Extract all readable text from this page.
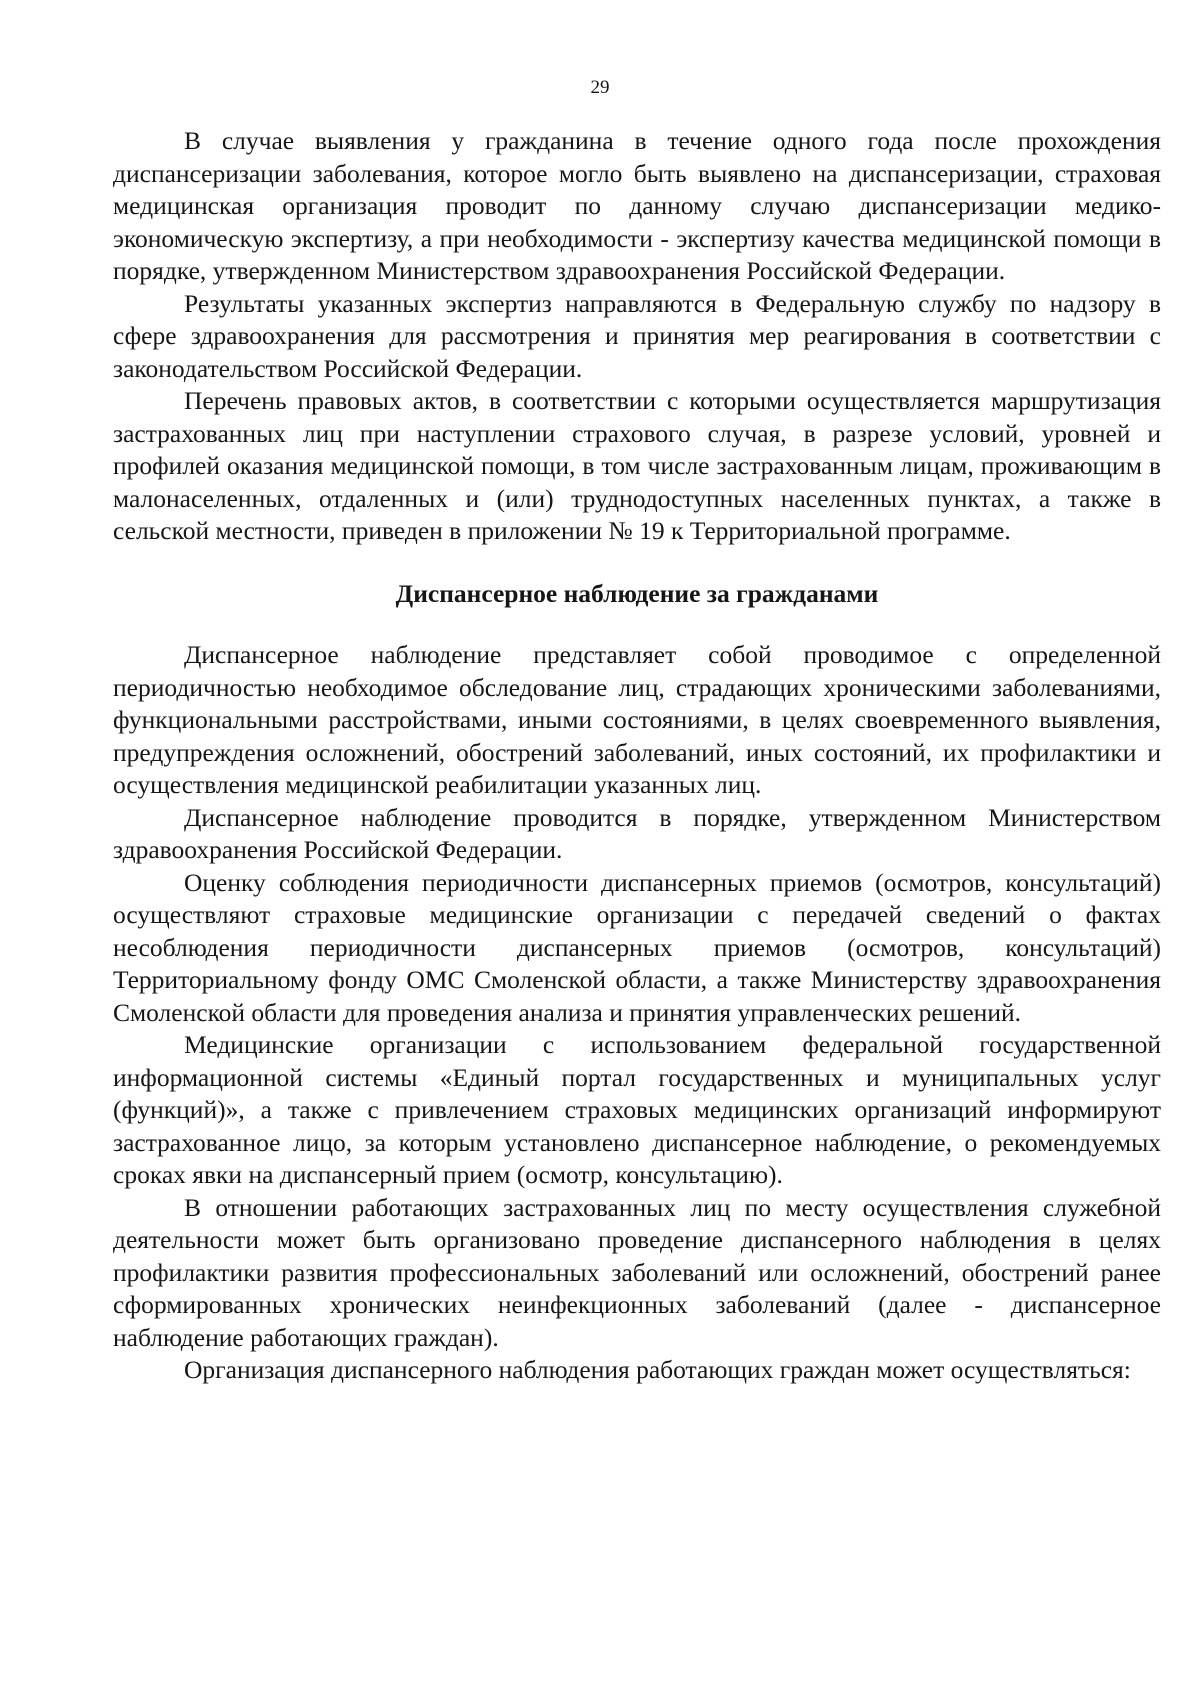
29

В случае выявления у гражданина в течение одного года после прохождения диспансеризации заболевания, которое могло быть выявлено на диспансеризации, страховая медицинская организация проводит по данному случаю диспансеризации медико-экономическую экспертизу, а при необходимости - экспертизу качества медицинской помощи в порядке, утвержденном Министерством здравоохранения Российской Федерации.

Результаты указанных экспертиз направляются в Федеральную службу по надзору в сфере здравоохранения для рассмотрения и принятия мер реагирования в соответствии с законодательством Российской Федерации.

Перечень правовых актов, в соответствии с которыми осуществляется маршрутизация застрахованных лиц при наступлении страхового случая, в разрезе условий, уровней и профилей оказания медицинской помощи, в том числе застрахованным лицам, проживающим в малонаселенных, отдаленных и (или) труднодоступных населенных пунктах, а также в сельской местности, приведен в приложении № 19 к Территориальной программе.

Диспансерное наблюдение за гражданами

Диспансерное наблюдение представляет собой проводимое с определенной периодичностью необходимое обследование лиц, страдающих хроническими заболеваниями, функциональными расстройствами, иными состояниями, в целях своевременного выявления, предупреждения осложнений, обострений заболеваний, иных состояний, их профилактики и осуществления медицинской реабилитации указанных лиц.

Диспансерное наблюдение проводится в порядке, утвержденном Министерством здравоохранения Российской Федерации.

Оценку соблюдения периодичности диспансерных приемов (осмотров, консультаций) осуществляют страховые медицинские организации с передачей сведений о фактах несоблюдения периодичности диспансерных приемов (осмотров, консультаций) Территориальному фонду ОМС Смоленской области, а также Министерству здравоохранения Смоленской области для проведения анализа и принятия управленческих решений.

Медицинские организации с использованием федеральной государственной информационной системы «Единый портал государственных и муниципальных услуг (функций)», а также с привлечением страховых медицинских организаций информируют застрахованное лицо, за которым установлено диспансерное наблюдение, о рекомендуемых сроках явки на диспансерный прием (осмотр, консультацию).

В отношении работающих застрахованных лиц по месту осуществления служебной деятельности может быть организовано проведение диспансерного наблюдения в целях профилактики развития профессиональных заболеваний или осложнений, обострений ранее сформированных хронических неинфекционных заболеваний (далее - диспансерное наблюдение работающих граждан).

Организация диспансерного наблюдения работающих граждан может осуществляться:
